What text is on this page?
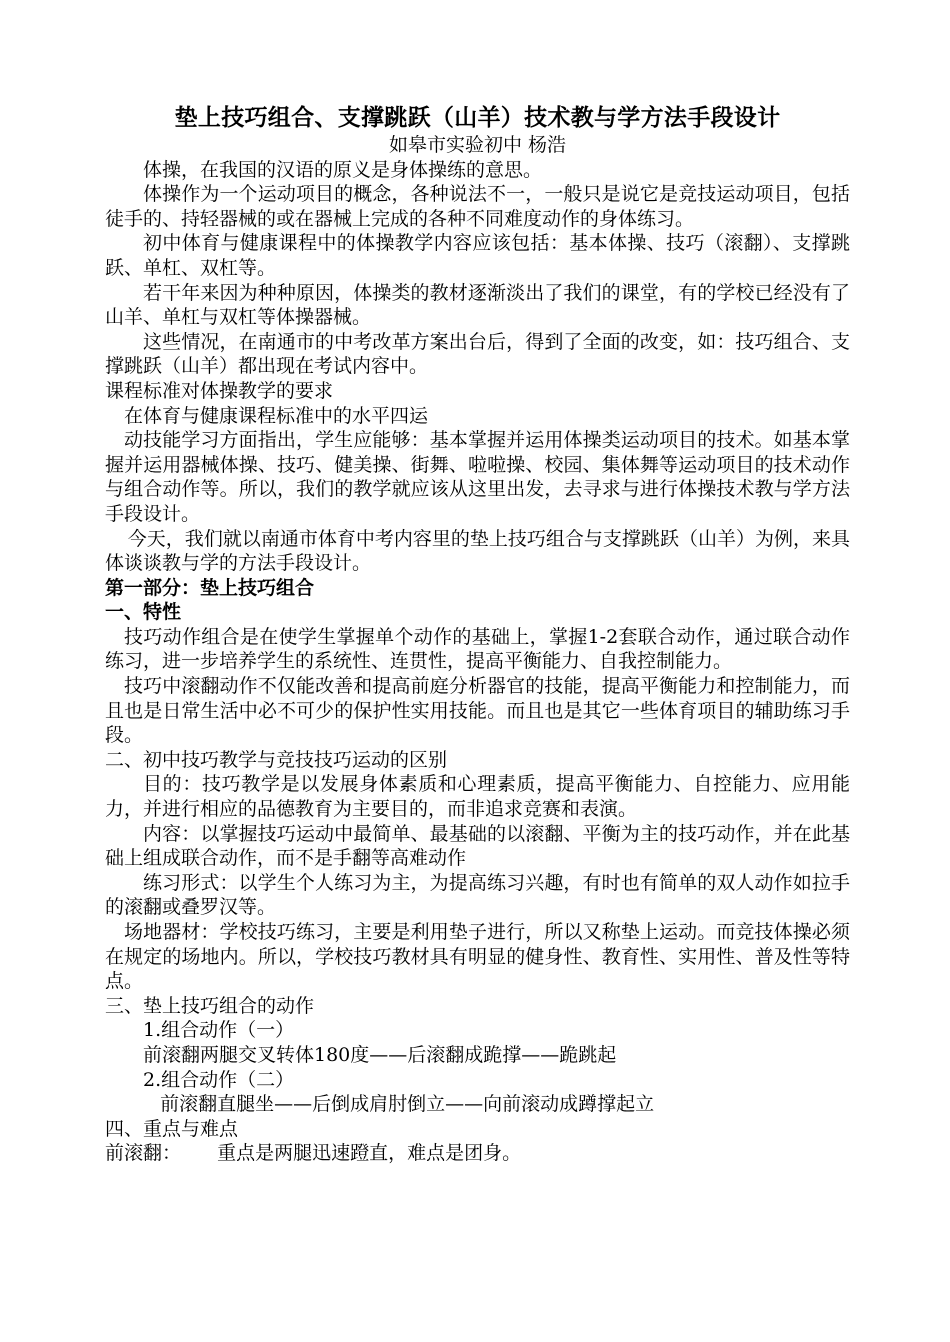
垫上技巧组合、支撑跳跃（山羊）技术教与学方法手段设计

如皋市实验初中 杨浩

体操，在我国的汉语的原义是身体操练的意思。

体操作为一个运动项目的概念，各种说法不一，一般只是说它是竞技运动项目，包括徒手的、持轻器械的或在器械上完成的各种不同难度动作的身体练习。

初中体育与健康课程中的体操教学内容应该包括：基本体操、技巧（滚翻）、支撑跳跃、单杠、双杠等。

若干年来因为种种原因，体操类的教材逐渐淡出了我们的课堂，有的学校已经没有了山羊、单杠与双杠等体操器械。

这些情况，在南通市的中考改革方案出台后，得到了全面的改变，如：技巧组合、支撑跳跃（山羊）都出现在考试内容中。

课程标准对体操教学的要求

在体育与健康课程标准中的水平四运

动技能学习方面指出，学生应能够：基本掌握并运用体操类运动项目的技术。如基本掌握并运用器械体操、技巧、健美操、街舞、啦啦操、校园、集体舞等运动项目的技术动作与组合动作等。所以，我们的教学就应该从这里出发，去寻求与进行体操技术教与学方法手段设计。

今天，我们就以南通市体育中考内容里的垫上技巧组合与支撑跳跃（山羊）为例，来具体谈谈教与学的方法手段设计。

第一部分：垫上技巧组合

一、特性

技巧动作组合是在使学生掌握单个动作的基础上，掌握1-2套联合动作，通过联合动作练习，进一步培养学生的系统性、连贯性，提高平衡能力、自我控制能力。

技巧中滚翻动作不仅能改善和提高前庭分析器官的技能，提高平衡能力和控制能力，而且也是日常生活中必不可少的保护性实用技能。而且也是其它一些体育项目的辅助练习手段。

二、初中技巧教学与竞技技巧运动的区别

目的：技巧教学是以发展身体素质和心理素质，提高平衡能力、自控能力、应用能力，并进行相应的品德教育为主要目的，而非追求竞赛和表演。

内容：以掌握技巧运动中最简单、最基础的以滚翻、平衡为主的技巧动作，并在此基础上组成联合动作，而不是手翻等高难动作

练习形式：以学生个人练习为主，为提高练习兴趣，有时也有简单的双人动作如拉手的滚翻或叠罗汉等。

场地器材：学校技巧练习，主要是利用垫子进行，所以又称垫上运动。而竞技体操必须在规定的场地内。所以，学校技巧教材具有明显的健身性、教育性、实用性、普及性等特点。

三、垫上技巧组合的动作

1.组合动作（一）

前滚翻两腿交叉转体180度——后滚翻成跪撑——跪跳起

2.组合动作（二）

前滚翻直腿坐——后倒成肩肘倒立——向前滚动成蹲撑起立

四、重点与难点

前滚翻：	重点是两腿迅速蹬直，难点是团身。
